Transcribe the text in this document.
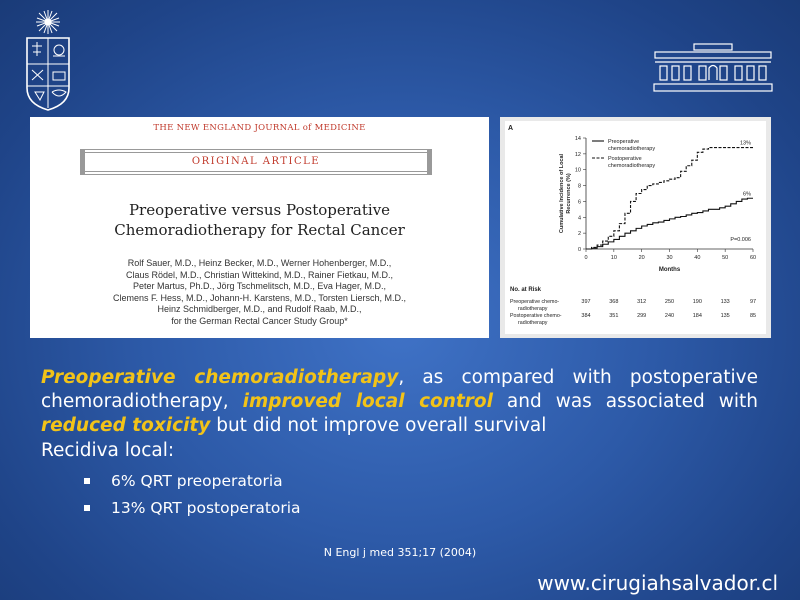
THE NEW ENGLAND JOURNAL of MEDICINE
ORIGINAL ARTICLE
Preoperative versus Postoperative
Chemoradiotherapy for Rectal Cancer
Rolf Sauer, M.D., Heinz Becker, M.D., Werner Hohenberger, M.D.,
Claus Rödel, M.D., Christian Wittekind, M.D., Rainer Fietkau, M.D.,
Peter Martus, Ph.D., Jörg Tschmelitsch, M.D., Eva Hager, M.D.,
Clemens F. Hess, M.D., Johann-H. Karstens, M.D., Torsten Liersch, M.D.,
Heinz Schmidberger, M.D., and Rudolf Raab, M.D.,
for the German Rectal Cancer Study Group*
A
0
2
4
6
8
10
12
14
0	10	20	30	40	50	60
Months
Cumulative Incidence of Local Recurrence (%)	6%
13%
Preoperative
chemoradiotherapy
Postoperative
chemoradiotherapy
P=0.006
No. at Risk
Preoperative chemo-
radiotherapy
397	368	312	250	190	133	97
Postoperative chemo-
radiotherapy
384	351	299	240	184	135	85
Preoperative chemoradiotherapy, as compared with postoperative chemoradiotherapy, improved local control and was associated with reduced toxicity but did not improve overall survival
Recidiva local:
6% QRT preoperatoria
13% QRT postoperatoria
N Engl j med 351;17 (2004)
www.cirugiahsalvador.cl
